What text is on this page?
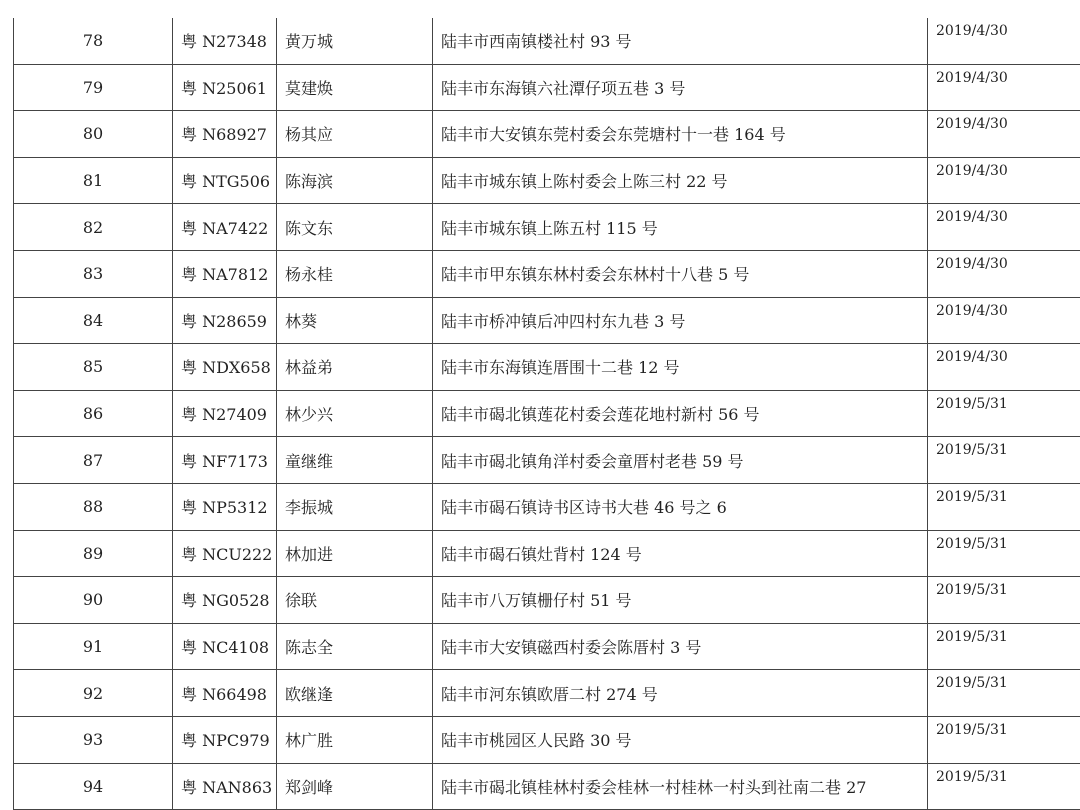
78	粤 N27348	黄万城	陆丰市西南镇楼社村 93 号	2019/4/30
79	粤 N25061	莫建焕	陆丰市东海镇六社潭仔项五巷 3 号	2019/4/30
80	粤 N68927	杨其应	陆丰市大安镇东莞村委会东莞塘村十一巷 164 号	2019/4/30
81	粤 NTG506	陈海滨	陆丰市城东镇上陈村委会上陈三村 22 号	2019/4/30
82	粤 NA7422	陈文东	陆丰市城东镇上陈五村 115 号	2019/4/30
83	粤 NA7812	杨永桂	陆丰市甲东镇东林村委会东林村十八巷 5 号	2019/4/30
84	粤 N28659	林葵	陆丰市桥冲镇后冲四村东九巷 3 号	2019/4/30
85	粤 NDX658	林益弟	陆丰市东海镇连厝围十二巷 12 号	2019/4/30
86	粤 N27409	林少兴	陆丰市碣北镇莲花村委会莲花地村新村 56 号	2019/5/31
87	粤 NF7173	童继维	陆丰市碣北镇角洋村委会童厝村老巷 59 号	2019/5/31
88	粤 NP5312	李振城	陆丰市碣石镇诗书区诗书大巷 46 号之 6	2019/5/31
89	粤 NCU222	林加进	陆丰市碣石镇灶背村 124 号	2019/5/31
90	粤 NG0528	徐联	陆丰市八万镇栅仔村 51 号	2019/5/31
91	粤 NC4108	陈志全	陆丰市大安镇磁西村委会陈厝村 3 号	2019/5/31
92	粤 N66498	欧继逢	陆丰市河东镇欧厝二村 274 号	2019/5/31
93	粤 NPC979	林广胜	陆丰市桃园区人民路 30 号	2019/5/31
94	粤 NAN863	郑剑峰	陆丰市碣北镇桂林村委会桂林一村桂林一村头到社南二巷 27	2019/5/31
